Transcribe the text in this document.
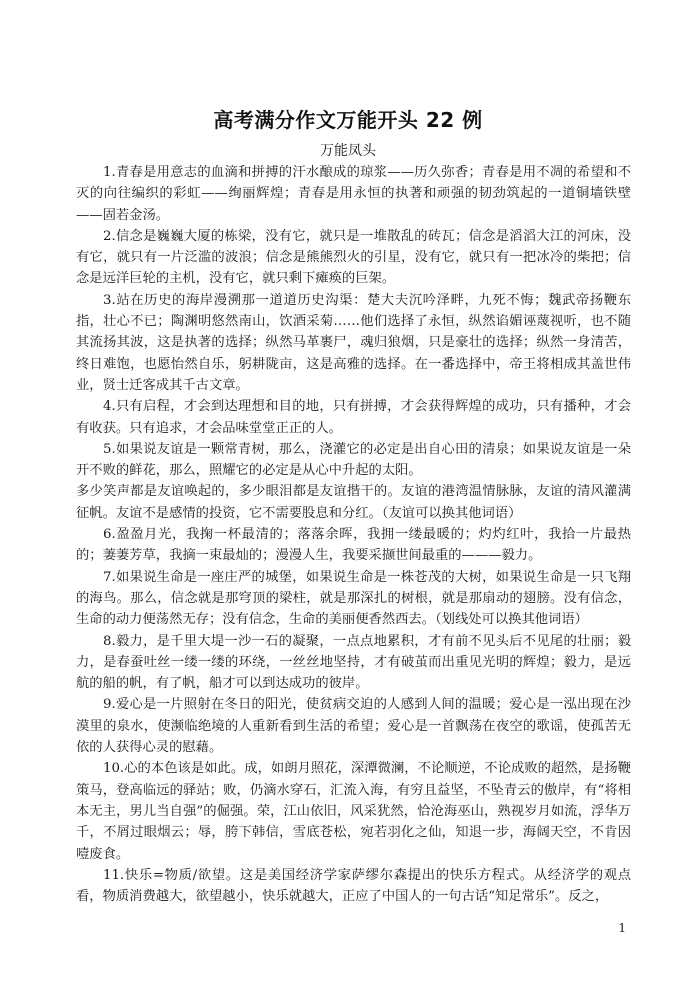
高考满分作文万能开头 22 例
万能凤头

1.青春是用意志的血滴和拼搏的汗水酿成的琼浆——历久弥香；青春是用不凋的希望和不灭的向往编织的彩虹——绚丽辉煌；青春是用永恒的执著和顽强的韧劲筑起的一道铜墙铁壁——固若金汤。

2.信念是巍巍大厦的栋梁，没有它，就只是一堆散乱的砖瓦；信念是滔滔大江的河床，没有它，就只有一片泛滥的波浪；信念是熊熊烈火的引星，没有它，就只有一把冰冷的柴把；信念是远洋巨轮的主机，没有它，就只剩下瘫痪的巨架。

3.站在历史的海岸漫溯那一道道历史沟渠：楚大夫沉吟泽畔，九死不悔；魏武帝扬鞭东指，壮心不已；陶渊明悠然南山，饮酒采菊……他们选择了永恒，纵然谄媚诬蔑视听，也不随其流扬其波，这是执著的选择；纵然马革裹尸，魂归狼烟，只是豪壮的选择；纵然一身清苦，终日难饱，也愿怡然自乐，躬耕陇亩，这是高雅的选择。在一番选择中，帝王将相成其盖世伟业，贤士迁客成其千古文章。

4.只有启程，才会到达理想和目的地，只有拼搏，才会获得辉煌的成功，只有播种，才会有收获。只有追求，才会品味堂堂正正的人。

5.如果说友谊是一颗常青树，那么，浇灌它的必定是出自心田的清泉；如果说友谊是一朵开不败的鲜花，那么，照耀它的必定是从心中升起的太阳。

多少笑声都是友谊唤起的，多少眼泪都是友谊揩干的。友谊的港湾温情脉脉，友谊的清风灌满征帆。友谊不是感情的投资，它不需要股息和分红。（友谊可以换其他词语）

6.盈盈月光，我掬一杯最清的；落落余晖，我拥一缕最暖的；灼灼红叶，我拾一片最热的；萋萋芳草，我摘一束最灿的；漫漫人生，我要采撷世间最重的———毅力。

7.如果说生命是一座庄严的城堡，如果说生命是一株苍茂的大树，如果说生命是一只飞翔的海鸟。那么，信念就是那穹顶的梁柱，就是那深扎的树根，就是那扇动的翅膀。没有信念，生命的动力便荡然无存；没有信念，生命的美丽便香然西去。（划线处可以换其他词语）

8.毅力，是千里大堤一沙一石的凝聚，一点点地累积，才有前不见头后不见尾的壮丽；毅力，是春蚕吐丝一缕一缕的环绕，一丝丝地坚持，才有破茧而出重见光明的辉煌；毅力，是远航的船的帆，有了帆，船才可以到达成功的彼岸。

9.爱心是一片照射在冬日的阳光，使贫病交迫的人感到人间的温暖；爱心是一泓出现在沙漠里的泉水，使濒临绝境的人重新看到生活的希望；爱心是一首飘荡在夜空的歌谣，使孤苦无依的人获得心灵的慰藉。

10.心的本色该是如此。成，如朗月照花，深潭微澜，不论顺逆，不论成败的超然，是扬鞭策马，登高临远的驿站；败，仍滴水穿石，汇流入海，有穷且益坚，不坠青云的傲岸，有“将相本无主，男儿当自强”的倔强。荣，江山依旧，风采犹然，恰沧海巫山，熟视岁月如流，浮华万千，不屑过眼烟云；辱，胯下韩信，雪底苍松，宛若羽化之仙，知退一步，海阔天空，不肯因噎废食。

11.快乐=物质/欲望。这是美国经济学家萨缪尔森提出的快乐方程式。从经济学的观点看，物质消费越大，欲望越小，快乐就越大，正应了中国人的一句古话“知足常乐”。反之，

1
